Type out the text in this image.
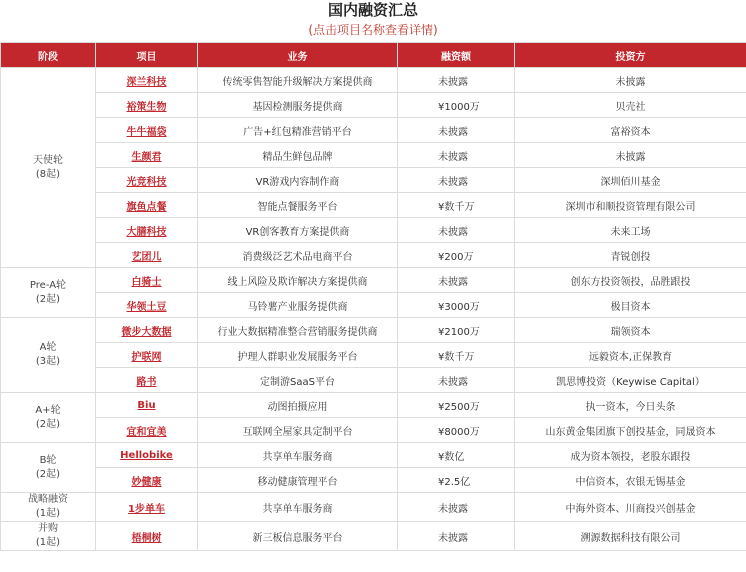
国内融资汇总
(点击项目名称查看详情)
阶段	项目	业务	融资额	投资方

天使轮
(8起)	深兰科技	传统零售智能升级解决方案提供商	未披露	未披露
	裕策生物	基因检测服务提供商	¥1000万	贝壳社
	牛牛福袋	广告+红包精准营销平台	未披露	富裕资本
	生颜君	精品生鲜包品牌	未披露	未披露
	光竞科技	VR游戏内容制作商	未披露	深圳佰川基金
	旗鱼点餐	智能点餐服务平台	¥数千万	深圳市和顺投资管理有限公司
	大膳科技	VR创客教育方案提供商	未披露	未来工场
	艺团儿	消费级泛艺术品电商平台	¥200万	青锐创投

Pre-A轮
(2起)	白骑士	线上风险及欺诈解决方案提供商	未披露	创东方投资领投，品胜跟投
	华领土豆	马铃薯产业服务提供商	¥3000万	极目资本

A轮
(3起)	微步大数据	行业大数据精准整合营销服务提供商	¥2100万	瑞领资本
	护联网	护理人群职业发展服务平台	¥数千万	远毅资本,正保教育
	路书	定制游SaaS平台	未披露	凯思博投资（Keywise Capital）

A+轮
(2起)	Biu	动图拍摄应用	¥2500万	执一资本，今日头条
	宜和宜美	互联网全屋家具定制平台	¥8000万	山东黄金集团旗下创投基金，同晟资本

B轮
(2起)	Hellobike	共享单车服务商	¥数亿	成为资本领投，老股东跟投
	妙健康	移动健康管理平台	¥2.5亿	中信资本，农银无锡基金

战略融资
(1起)	1步单车	共享单车服务商	未披露	中海外资本、川商投兴创基金

并购
(1起)	梧桐树	新三板信息服务平台	未披露	溯源数据科技有限公司
